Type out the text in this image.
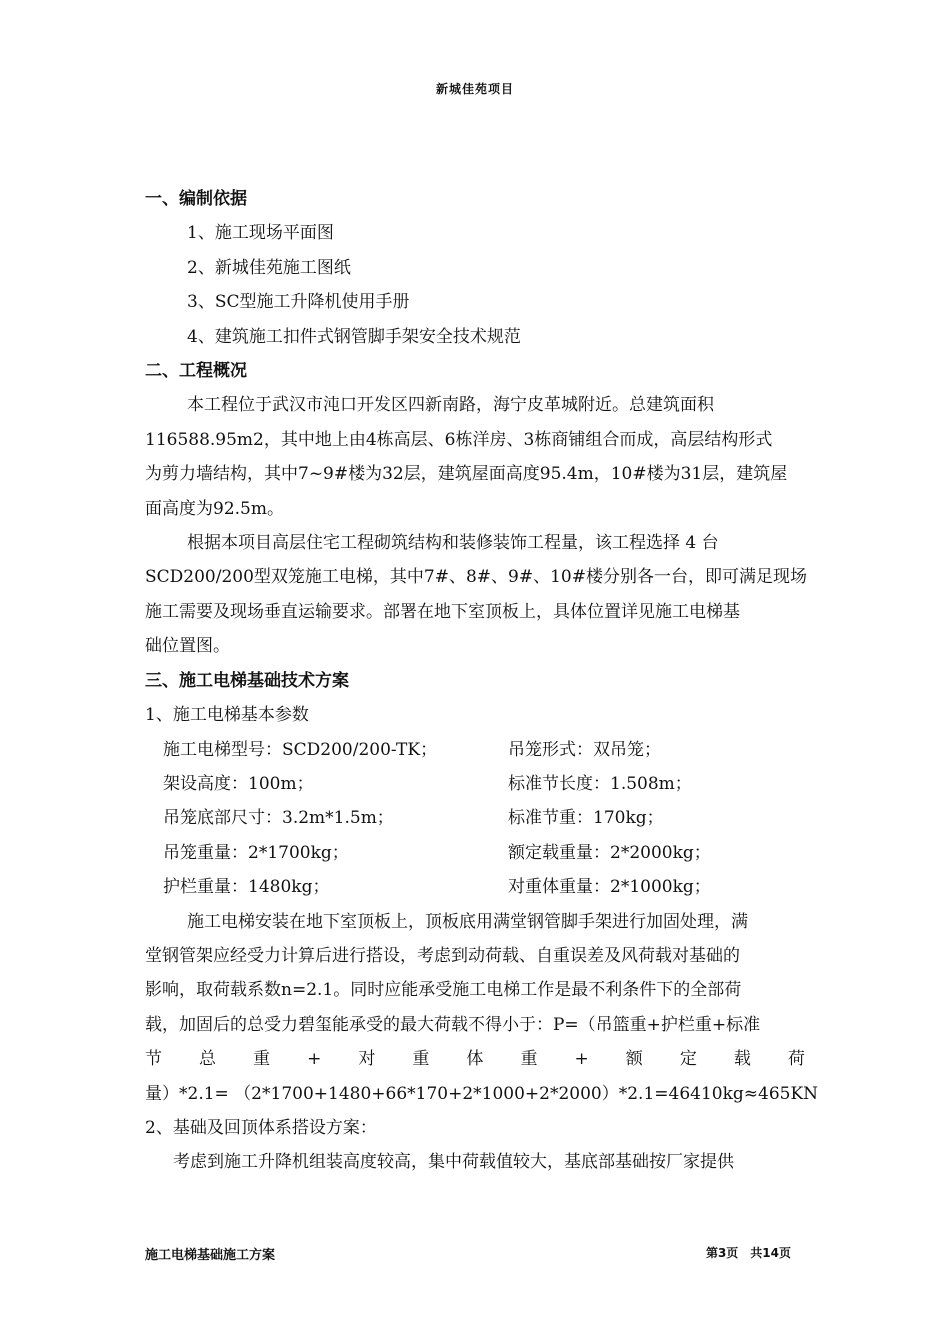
新城佳苑项目
一、编制依据
1、施工现场平面图
2、新城佳苑施工图纸
3、SC型施工升降机使用手册
4、建筑施工扣件式钢管脚手架安全技术规范
二、工程概况
本工程位于武汉市沌口开发区四新南路，海宁皮革城附近。总建筑面积
116588.95m2，其中地上由4栋高层、6栋洋房、3栋商铺组合而成，高层结构形式
为剪力墙结构，其中7~9#楼为32层，建筑屋面高度95.4m，10#楼为31层，建筑屋
面高度为92.5m。
根据本项目高层住宅工程砌筑结构和装修装饰工程量，该工程选择 4 台
SCD200/200型双笼施工电梯，其中7#、8#、9#、10#楼分别各一台，即可满足现场
施工需要及现场垂直运输要求。部署在地下室顶板上，具体位置详见施工电梯基
础位置图。
三、施工电梯基础技术方案
1、施工电梯基本参数
施工电梯型号：SCD200/200-TK；	吊笼形式：双吊笼；
架设高度：100m；	标准节长度：1.508m；
吊笼底部尺寸：3.2m*1.5m；	标准节重：170kg；
吊笼重量：2*1700kg；	额定载重量：2*2000kg；
护栏重量：1480kg；	对重体重量：2*1000kg；
施工电梯安装在地下室顶板上，顶板底用满堂钢管脚手架进行加固处理，满
堂钢管架应经受力计算后进行搭设，考虑到动荷载、自重误差及风荷载对基础的
影响，取荷载系数n=2.1。同时应能承受施工电梯工作是最不利条件下的全部荷
载，加固后的总受力碧玺能承受的最大荷载不得小于：P=（吊篮重+护栏重+标准
节 总 重 + 对 重 体 重 + 额 定 载 荷
量）*2.1= （2*1700+1480+66*170+2*1000+2*2000）*2.1=46410kg≈465KN
2、基础及回顶体系搭设方案：
考虑到施工升降机组装高度较高，集中荷载值较大，基底部基础按厂家提供
施工电梯基础施工方案	第3页　共14页
